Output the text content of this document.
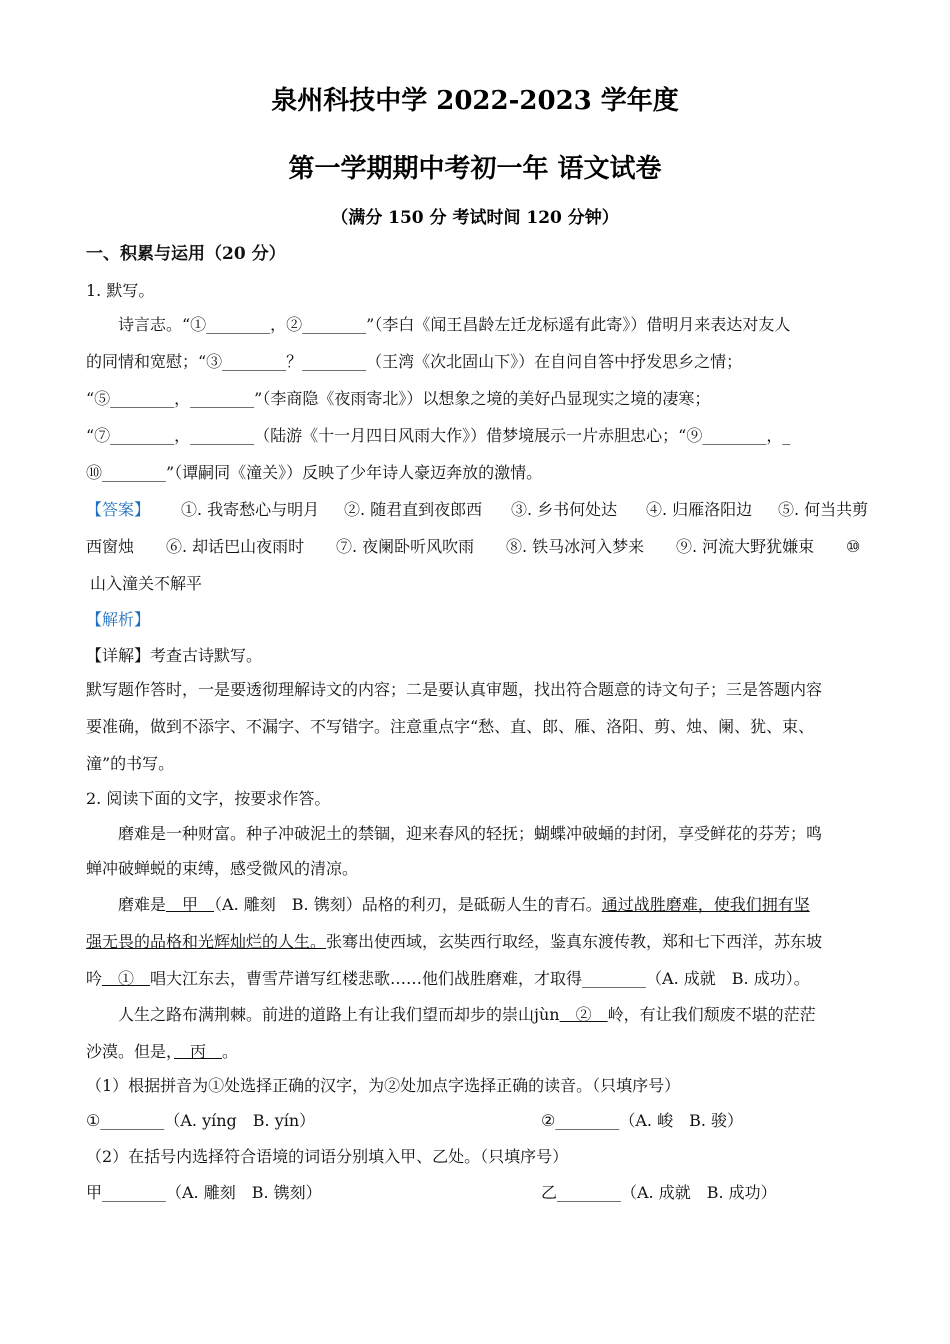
泉州科技中学 2022-2023 学年度
第一学期期中考初一年 语文试卷
（满分 150 分 考试时间 120 分钟）
一、积累与运用（20 分）
1. 默写。
诗言志。“①________，②________”（李白《闻王昌龄左迁龙标遥有此寄》）借明月来表达对友人
的同情和宽慰；“③________？________（王湾《次北固山下》）在自问自答中抒发思乡之情；
“⑤________，________”（李商隐《夜雨寄北》）以想象之境的美好凸显现实之境的凄寒；
“⑦________，________（陆游《十一月四日风雨大作》）借梦境展示一片赤胆忠心；“⑨________，_
⑩________”（谭嗣同《潼关》）反映了少年诗人豪迈奔放的激情。
【答案】 ①. 我寄愁心与明月 ②. 随君直到夜郎西 ③. 乡书何处达 ④. 归雁洛阳边 ⑤. 何当共剪
西窗烛 ⑥. 却话巴山夜雨时 ⑦. 夜阑卧听风吹雨 ⑧. 铁马冰河入梦来 ⑨. 河流大野犹嫌束 ⑩
山入潼关不解平
【解析】
【详解】考查古诗默写。
默写题作答时，一是要透彻理解诗文的内容；二是要认真审题，找出符合题意的诗文句子；三是答题内容
要准确，做到不添字、不漏字、不写错字。注意重点字“愁、直、郎、雁、洛阳、剪、烛、阑、犹、束、
潼”的书写。
2. 阅读下面的文字，按要求作答。
磨难是一种财富。种子冲破泥土的禁锢，迎来春风的轻抚；蝴蝶冲破蛹的封闭，享受鲜花的芬芳；鸣
蝉冲破蝉蜕的束缚，感受微风的清凉。
磨难是　甲　（A. 雕刻　B. 镌刻）品格的利刃，是砥砺人生的青石。通过战胜磨难，使我们拥有坚
强无畏的品格和光辉灿烂的人生。张骞出使西域，玄奘西行取经，鉴真东渡传教，郑和七下西洋，苏东坡
吟　①　唱大江东去，曹雪芹谱写红楼悲歌……他们战胜磨难，才取得________（A. 成就　B. 成功）。
人生之路布满荆棘。前进的道路上有让我们望而却步的崇山jùn　②　岭，有让我们颓废不堪的茫茫
沙漠。但是，　丙　。
（1）根据拼音为①处选择正确的汉字，为②处加点字选择正确的读音。（只填序号）
①________（A. yíng　B. yín）	②________（A. 峻　B. 骏）
（2）在括号内选择符合语境的词语分别填入甲、乙处。（只填序号）
甲________（A. 雕刻　B. 镌刻）	乙________（A. 成就　B. 成功）
